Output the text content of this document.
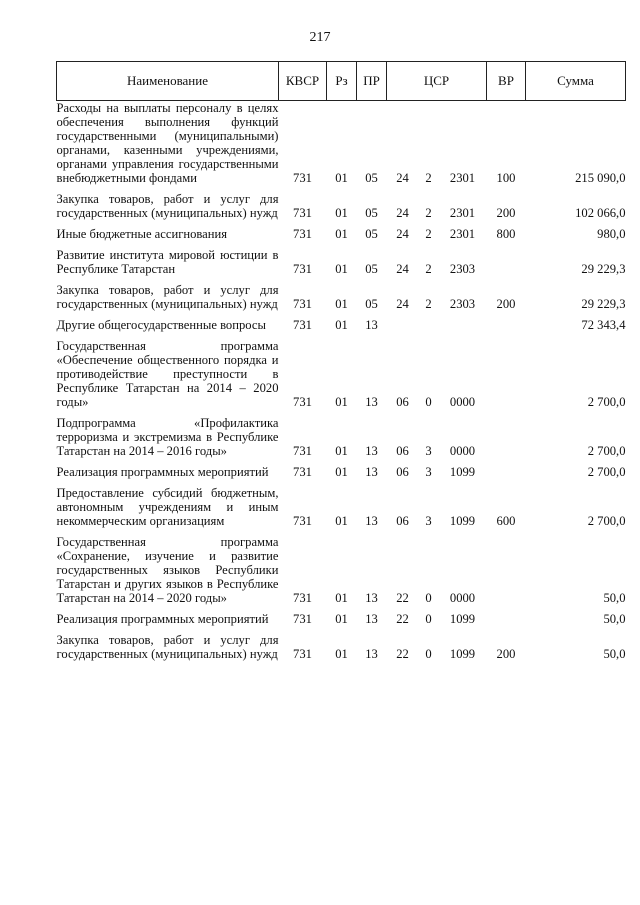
217
Наименование	КВСР	Рз	ПР	ЦСР			ВР	Сумма
Расходы на выплаты персоналу в целях обеспечения выполнения функций государственными (муниципальными) органами, казенными учреждениями, органами управления государственными внебюджетными фондами	731	01	05	24	2	2301	100	215 090,0
Закупка товаров, работ и услуг для государственных (муниципальных) нужд	731	01	05	24	2	2301	200	102 066,0
Иные бюджетные ассигнования	731	01	05	24	2	2301	800	980,0
Развитие института мировой юстиции в Республике Татарстан	731	01	05	24	2	2303		29 229,3
Закупка товаров, работ и услуг для государственных (муниципальных) нужд	731	01	05	24	2	2303	200	29 229,3
Другие общегосударственные вопросы	731	01	13					72 343,4
Государственная программа «Обеспечение общественного порядка и противодействие преступности в Республике Татарстан на 2014 – 2020 годы»	731	01	13	06	0	0000		2 700,0
Подпрограмма «Профилактика терроризма и экстремизма в Республике Татарстан на 2014 – 2016 годы»	731	01	13	06	3	0000		2 700,0
Реализация программных мероприятий	731	01	13	06	3	1099		2 700,0
Предоставление субсидий бюджетным, автономным учреждениям и иным некоммерческим организациям	731	01	13	06	3	1099	600	2 700,0
Государственная программа «Сохранение, изучение и развитие государственных языков Республики Татарстан и других языков в Республике Татарстан на 2014 – 2020 годы»	731	01	13	22	0	0000		50,0
Реализация программных мероприятий	731	01	13	22	0	1099		50,0
Закупка товаров, работ и услуг для государственных (муниципальных) нужд	731	01	13	22	0	1099	200	50,0
